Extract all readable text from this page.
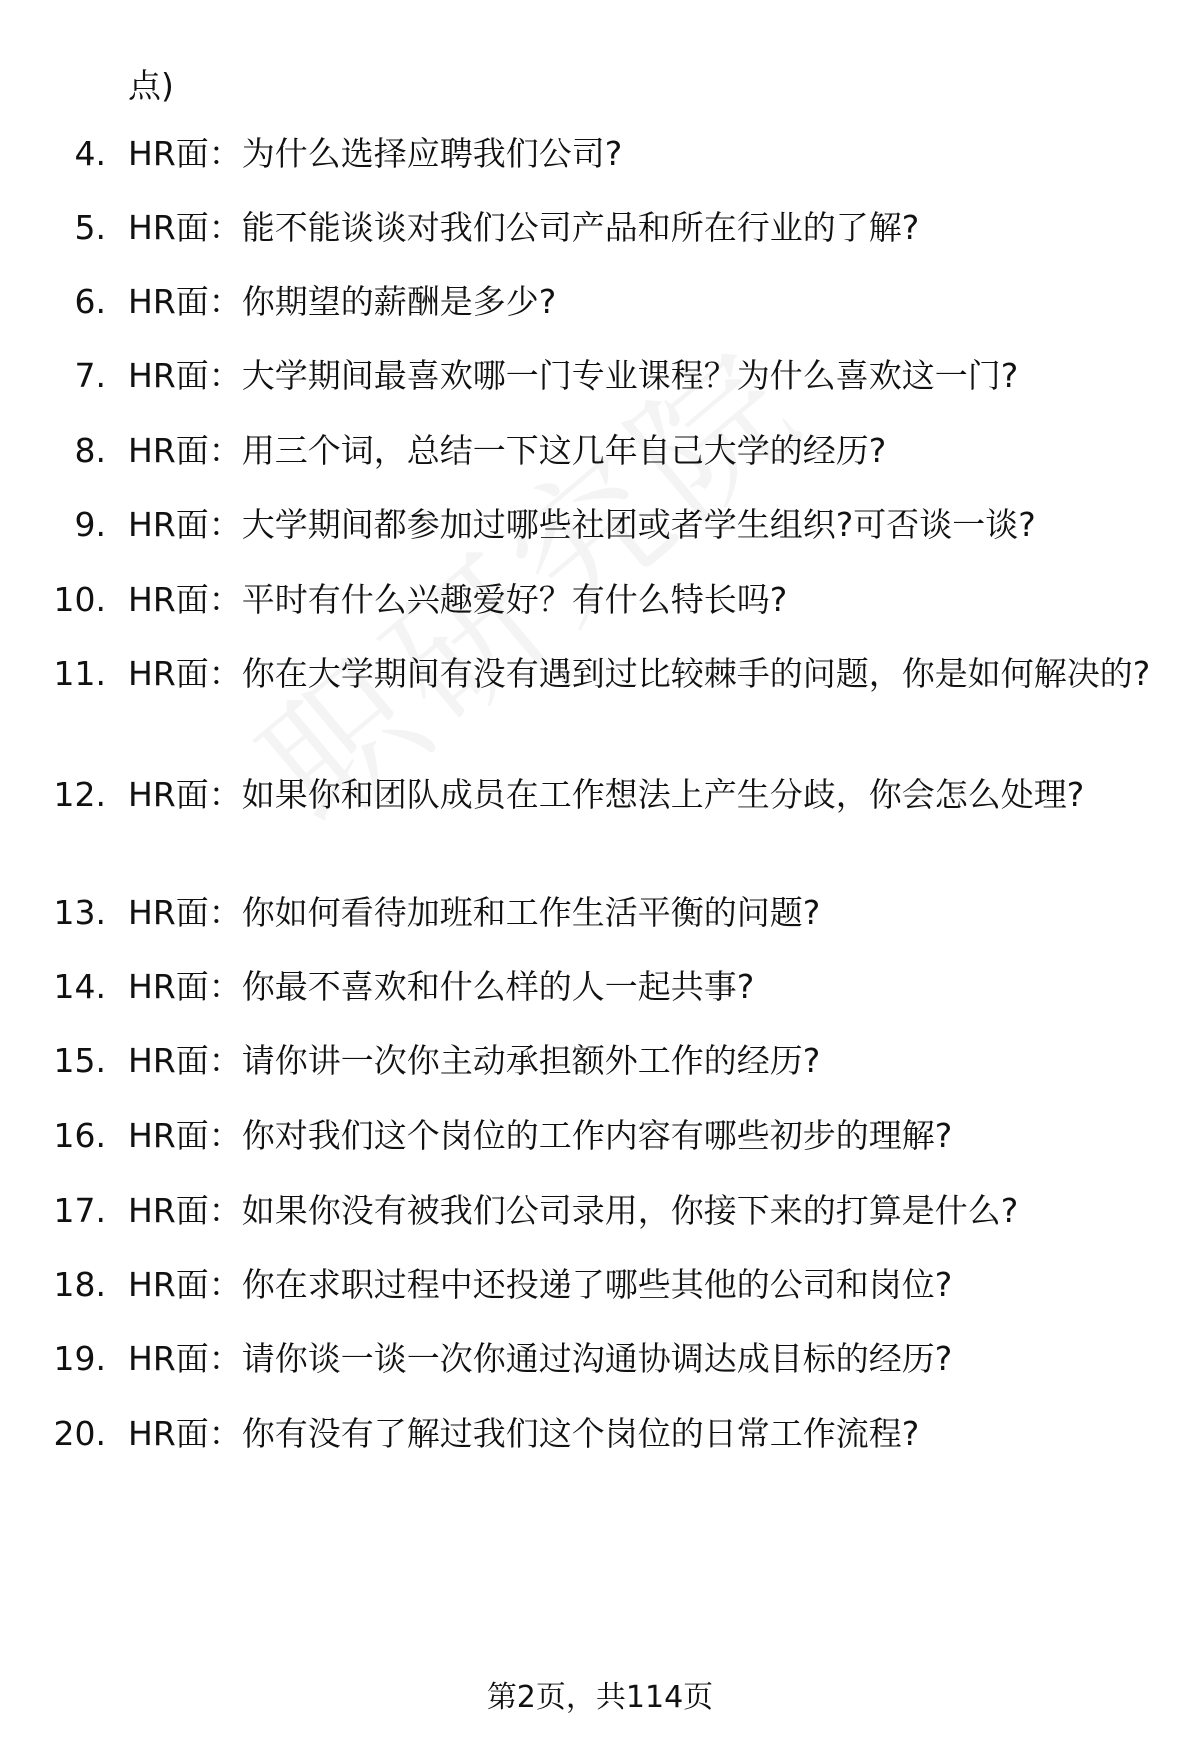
点)
4. HR面：为什么选择应聘我们公司?
5. HR面：能不能谈谈对我们公司产品和所在行业的了解?
6. HR面：你期望的薪酬是多少?
7. HR面：大学期间最喜欢哪一门专业课程？为什么喜欢这一门?
8. HR面：用三个词，总结一下这几年自己大学的经历?
9. HR面：大学期间都参加过哪些社团或者学生组织?可否谈一谈?
10. HR面：平时有什么兴趣爱好？有什么特长吗?
11. HR面：你在大学期间有没有遇到过比较棘手的问题，你是如何解决的?
12. HR面：如果你和团队成员在工作想法上产生分歧，你会怎么处理?
13. HR面：你如何看待加班和工作生活平衡的问题?
14. HR面：你最不喜欢和什么样的人一起共事?
15. HR面：请你讲一次你主动承担额外工作的经历?
16. HR面：你对我们这个岗位的工作内容有哪些初步的理解?
17. HR面：如果你没有被我们公司录用，你接下来的打算是什么?
18. HR面：你在求职过程中还投递了哪些其他的公司和岗位?
19. HR面：请你谈一谈一次你通过沟通协调达成目标的经历?
20. HR面：你有没有了解过我们这个岗位的日常工作流程?
第2页，共114页
